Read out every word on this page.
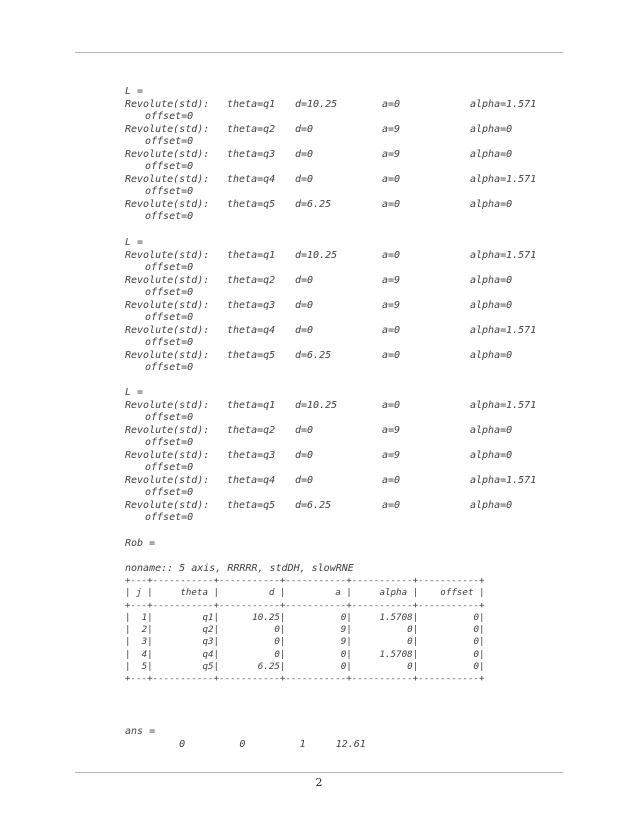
L =
Revolute(std): theta=q1 d=10.25	a=0	alpha=1.571
offset=0
Revolute(std): theta=q2 d=0	a=9	alpha=0
offset=0
Revolute(std): theta=q3 d=0	a=9	alpha=0
offset=0
Revolute(std): theta=q4 d=0	a=0	alpha=1.571
offset=0
Revolute(std): theta=q5 d=6.25	a=0	alpha=0
offset=0
L =
Revolute(std): theta=q1 d=10.25	a=0	alpha=1.571
offset=0
Revolute(std): theta=q2 d=0	a=9	alpha=0
offset=0
Revolute(std): theta=q3 d=0	a=9	alpha=0
offset=0
Revolute(std): theta=q4 d=0	a=0	alpha=1.571
offset=0
Revolute(std): theta=q5 d=6.25	a=0	alpha=0
offset=0
L =
Revolute(std): theta=q1 d=10.25	a=0	alpha=1.571
offset=0
Revolute(std): theta=q2 d=0	a=9	alpha=0
offset=0
Revolute(std): theta=q3 d=0	a=9	alpha=0
offset=0
Revolute(std): theta=q4 d=0	a=0	alpha=1.571
offset=0
Revolute(std): theta=q5 d=6.25	a=0	alpha=0
offset=0
Rob =
noname:: 5 axis, RRRRR, stdDH, slowRNE
+---+-----------+-----------+-----------+-----------+-----------+
| j |     theta |         d |         a |     alpha |    offset |
+---+-----------+-----------+-----------+-----------+-----------+
|  1|         q1|      10.25|          0|     1.5708|          0|
|  2|         q2|          0|          9|          0|          0|
|  3|         q3|          0|          9|          0|          0|
|  4|         q4|          0|          0|     1.5708|          0|
|  5|         q5|       6.25|          0|          0|          0|
+---+-----------+-----------+-----------+-----------+-----------+
ans =
0         0         1     12.61
2
